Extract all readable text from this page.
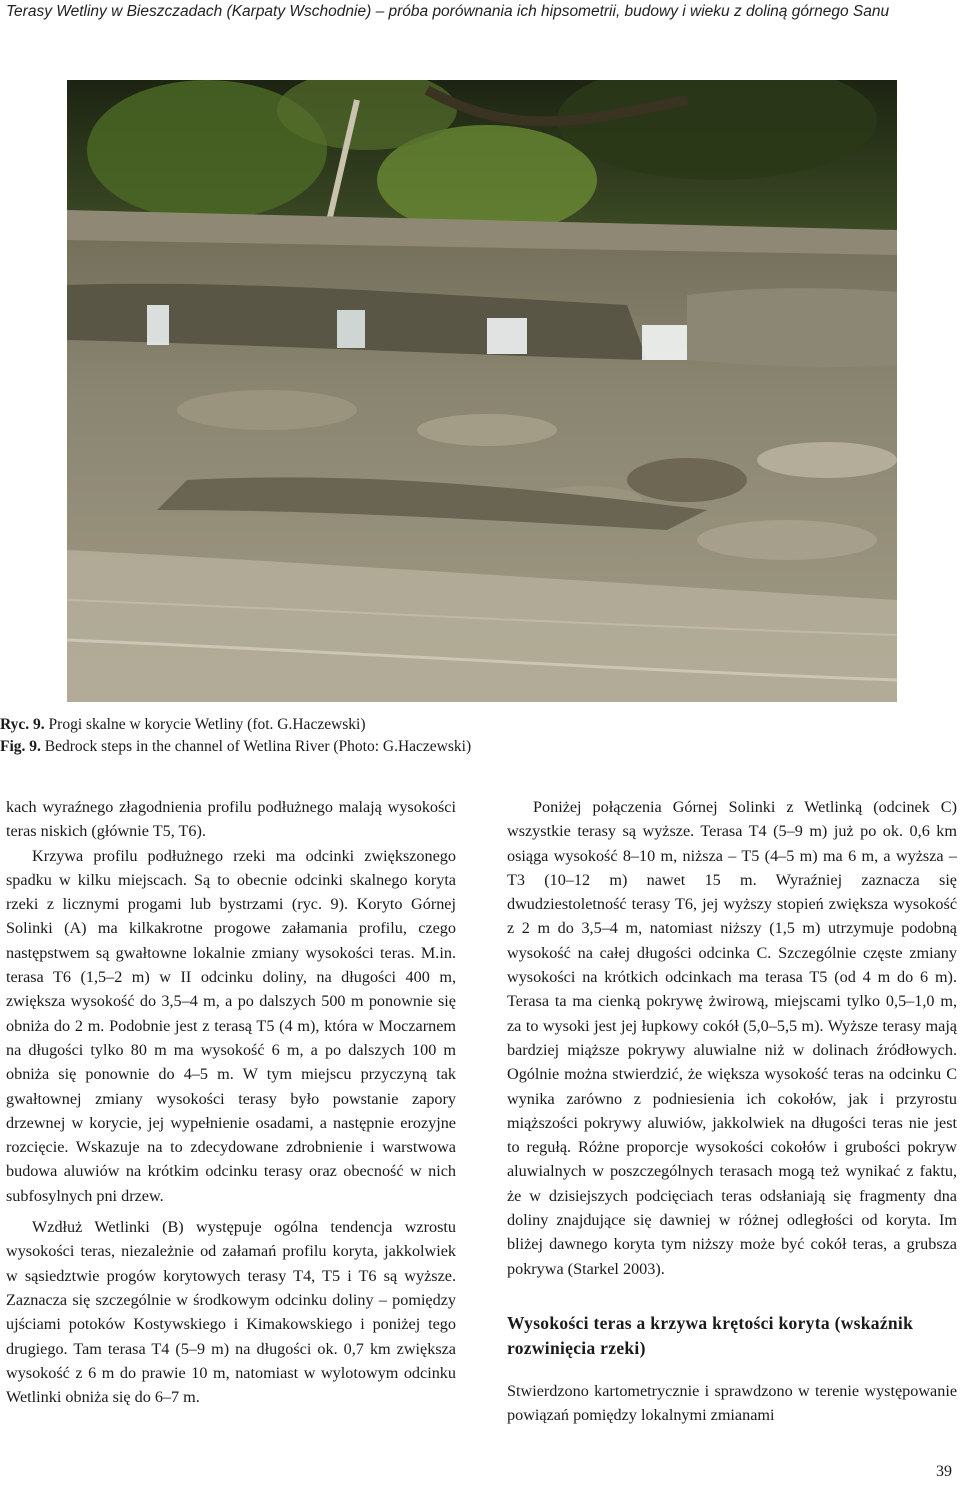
Terasy Wetliny w Bieszczadach (Karpaty Wschodnie) – próba porównania ich hipsometrii, budowy i wieku z doliną górnego Sanu
Ryc. 9. Progi skalne w korycie Wetliny (fot. G.Haczewski)
Fig. 9. Bedrock steps in the channel of Wetlina River (Photo: G.Haczewski)

kach wyraźnego złagodnienia profilu podłużnego malają wysokości teras niskich (głównie T5, T6).

Krzywa profilu podłużnego rzeki ma odcinki zwiększonego spadku w kilku miejscach. Są to obecnie odcinki skalnego koryta rzeki z licznymi progami lub bystrzami (ryc. 9). Koryto Górnej Solinki (A) ma kilkakrotne progowe załamania profilu, czego następstwem są gwałtowne lokalnie zmiany wysokości teras. M.in. terasa T6 (1,5–2 m) w II odcinku doliny, na długości 400 m, zwiększa wysokość do 3,5–4 m, a po dalszych 500 m ponownie się obniża do 2 m. Podobnie jest z terasą T5 (4 m), która w Moczarnem na długości tylko 80 m ma wysokość 6 m, a po dalszych 100 m obniża się ponownie do 4–5 m. W tym miejscu przyczyną tak gwałtownej zmiany wysokości terasy było powstanie zapory drzewnej w korycie, jej wypełnienie osadami, a następnie erozyjne rozcięcie. Wskazuje na to zdecydowane zdrobnienie i warstwowa budowa aluwiów na krótkim odcinku terasy oraz obecność w nich subfosylnych pni drzew.

Wzdłuż Wetlinki (B) występuje ogólna tendencja wzrostu wysokości teras, niezależnie od załamań profilu koryta, jakkolwiek w sąsiedztwie progów korytowych terasy T4, T5 i T6 są wyższe. Zaznacza się szczególnie w środkowym odcinku doliny – pomiędzy ujściami potoków Kostywskiego i Kimakowskiego i poniżej tego drugiego. Tam terasa T4 (5–9 m) na długości ok. 0,7 km zwiększa wysokość z 6 m do prawie 10 m, natomiast w wylotowym odcinku Wetlinki obniża się do 6–7 m.

Poniżej połączenia Górnej Solinki z Wetlinką (odcinek C) wszystkie terasy są wyższe. Terasa T4 (5–9 m) już po ok. 0,6 km osiąga wysokość 8–10 m, niższa – T5 (4–5 m) ma 6 m, a wyższa – T3 (10–12 m) nawet 15 m. Wyraźniej zaznacza się dwudziestoletność terasy T6, jej wyższy stopień zwiększa wysokość z 2 m do 3,5–4 m, natomiast niższy (1,5 m) utrzymuje podobną wysokość na całej długości odcinka C. Szczególnie częste zmiany wysokości na krótkich odcinkach ma terasa T5 (od 4 m do 6 m). Terasa ta ma cienką pokrywę żwirową, miejscami tylko 0,5–1,0 m, za to wysoki jest jej łupkowy cokół (5,0–5,5 m). Wyższe terasy mają bardziej miąższe pokrywy aluwialne niż w dolinach źródłowych. Ogólnie można stwierdzić, że większa wysokość teras na odcinku C wynika zarówno z podniesienia ich cokołów, jak i przyrostu miąższości pokrywy aluwiów, jakkolwiek na długości teras nie jest to regułą. Różne proporcje wysokości cokołów i grubości pokryw aluwialnych w poszczególnych terasach mogą też wynikać z faktu, że w dzisiejszych podcięciach teras odsłaniają się fragmenty dna doliny znajdujące się dawniej w różnej odległości od koryta. Im bliżej dawnego koryta tym niższy może być cokół teras, a grubsza pokrywa (Starkel 2003).

Wysokości teras a krzywa krętości koryta (wskaźnik rozwinięcia rzeki)

Stwierdzono kartometrycznie i sprawdzono w terenie występowanie powiązań pomiędzy lokalnymi zmianami

39
